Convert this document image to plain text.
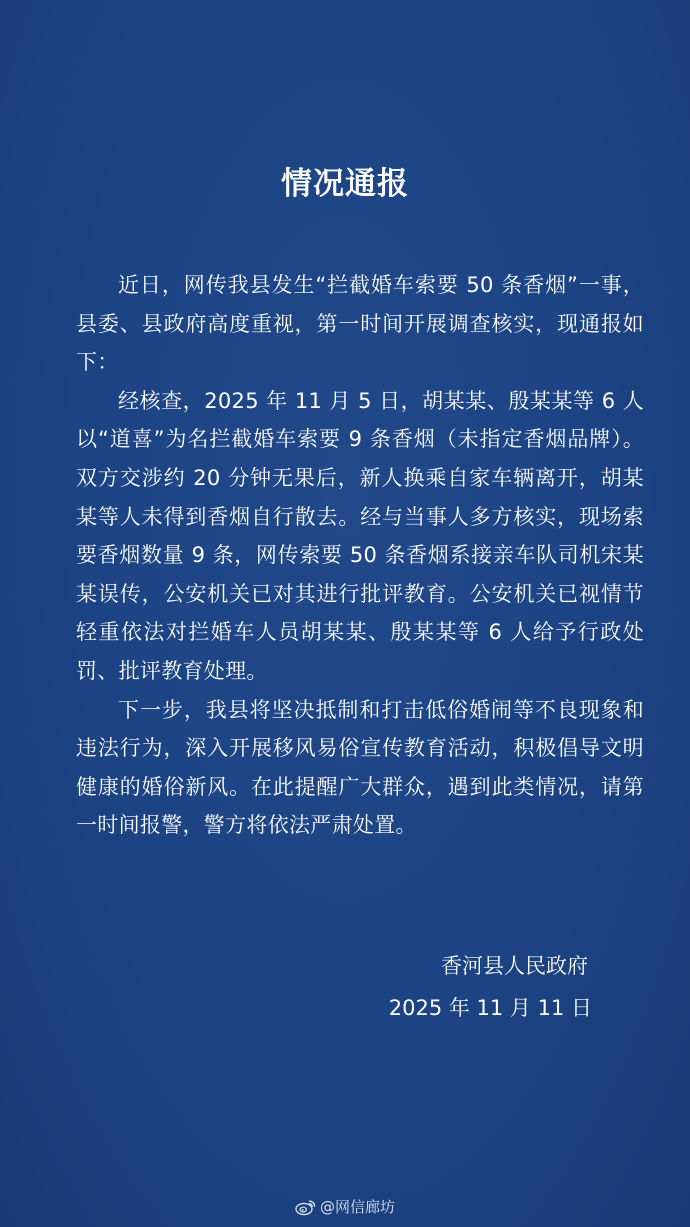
情况通报

近日，网传我县发生“拦截婚车索要 50 条香烟”一事，县委、县政府高度重视，第一时间开展调查核实，现通报如下：

经核查，2025 年 11 月 5 日，胡某某、殷某某等 6 人以“道喜”为名拦截婚车索要 9 条香烟（未指定香烟品牌）。双方交涉约 20 分钟无果后，新人换乘自家车辆离开，胡某某等人未得到香烟自行散去。经与当事人多方核实，现场索要香烟数量 9 条，网传索要 50 条香烟系接亲车队司机宋某某误传，公安机关已对其进行批评教育。公安机关已视情节轻重依法对拦婚车人员胡某某、殷某某等 6 人给予行政处罚、批评教育处理。

下一步，我县将坚决抵制和打击低俗婚闹等不良现象和违法行为，深入开展移风易俗宣传教育活动，积极倡导文明健康的婚俗新风。在此提醒广大群众，遇到此类情况，请第一时间报警，警方将依法严肃处置。

香河县人民政府
2025 年 11 月 11 日
@网信廊坊
